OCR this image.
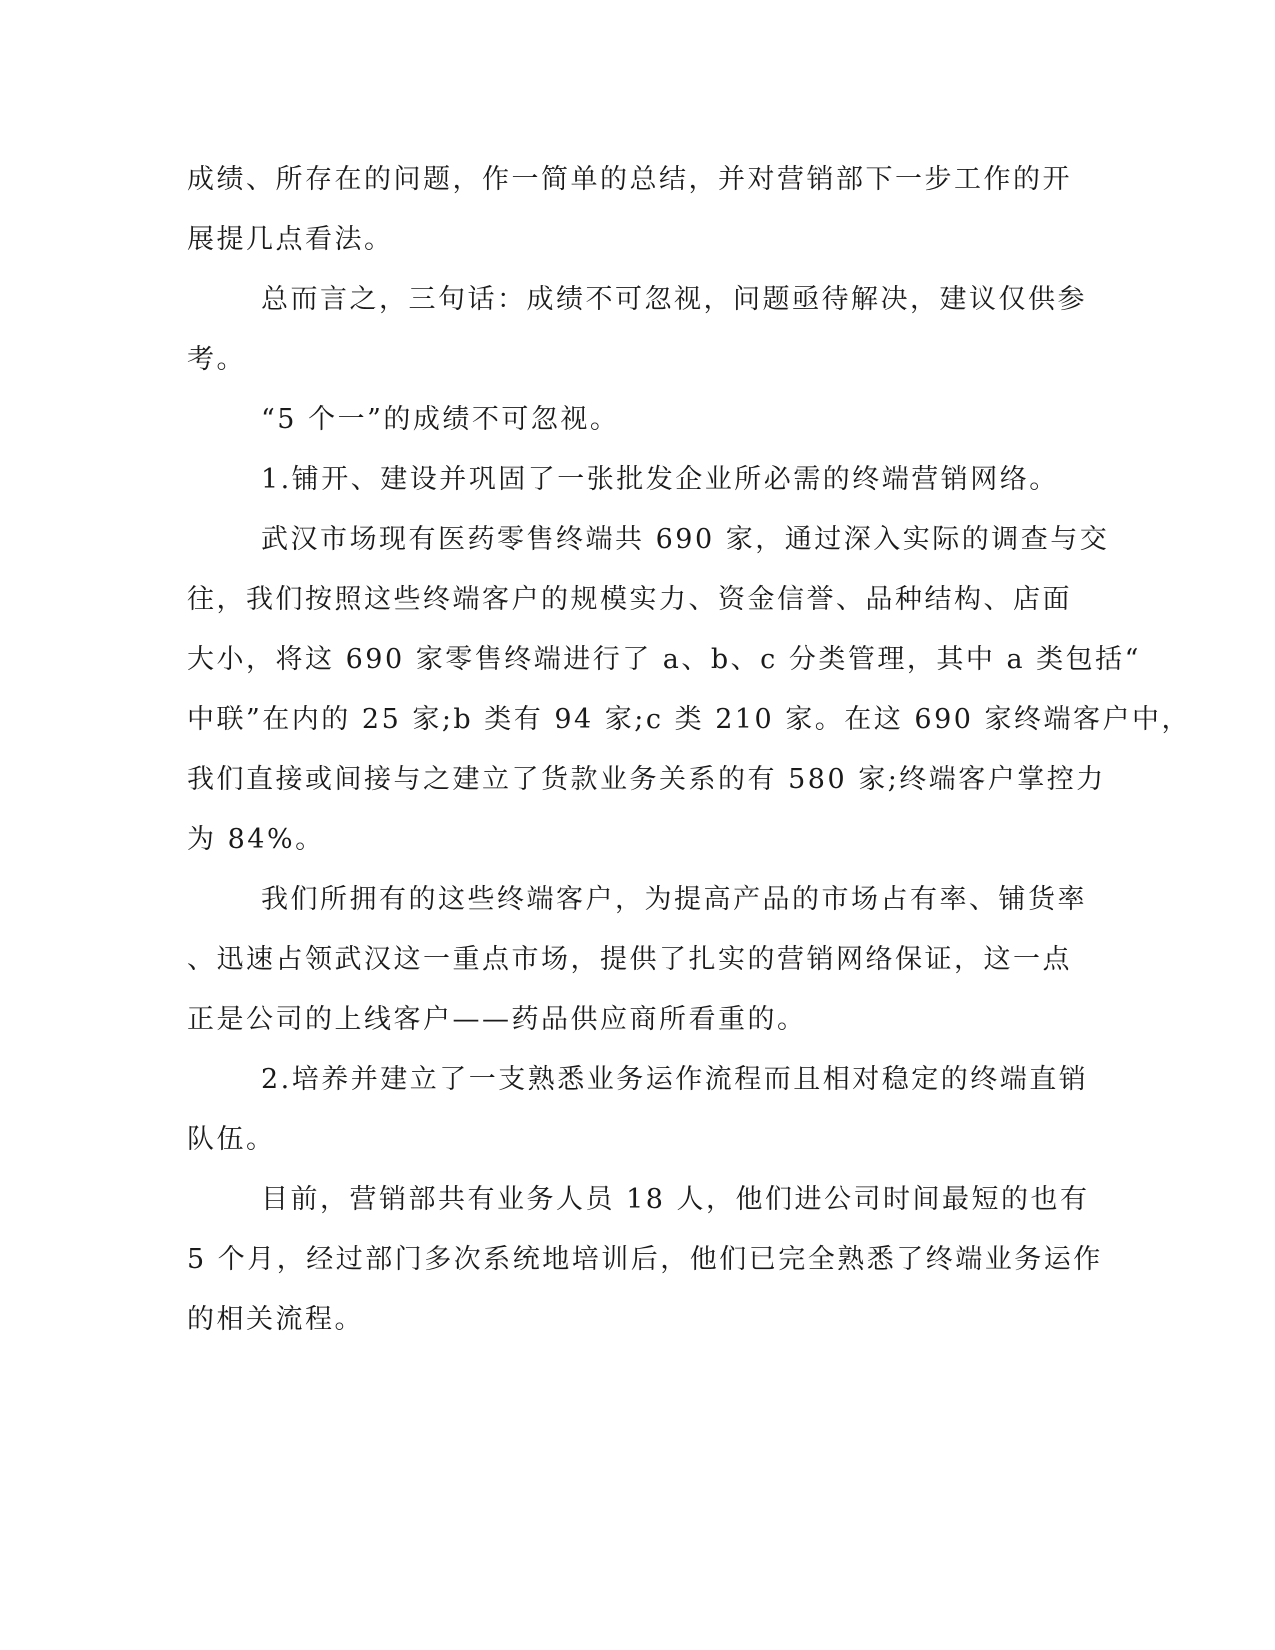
成绩、所存在的问题，作一简单的总结，并对营销部下一步工作的开
展提几点看法。
总而言之，三句话：成绩不可忽视，问题亟待解决，建议仅供参
考。
“5 个一”的成绩不可忽视。
1.铺开、建设并巩固了一张批发企业所必需的终端营销网络。
武汉市场现有医药零售终端共 690 家，通过深入实际的调查与交
往，我们按照这些终端客户的规模实力、资金信誉、品种结构、店面
大小，将这 690 家零售终端进行了 a、b、c 分类管理，其中 a 类包括“
中联”在内的 25 家;b 类有 94 家;c 类 210 家。在这 690 家终端客户中，
我们直接或间接与之建立了货款业务关系的有 580 家;终端客户掌控力
为 84%。
我们所拥有的这些终端客户，为提高产品的市场占有率、铺货率
、迅速占领武汉这一重点市场，提供了扎实的营销网络保证，这一点
正是公司的上线客户——药品供应商所看重的。
2.培养并建立了一支熟悉业务运作流程而且相对稳定的终端直销
队伍。
目前，营销部共有业务人员 18 人，他们进公司时间最短的也有
5 个月，经过部门多次系统地培训后，他们已完全熟悉了终端业务运作
的相关流程。
